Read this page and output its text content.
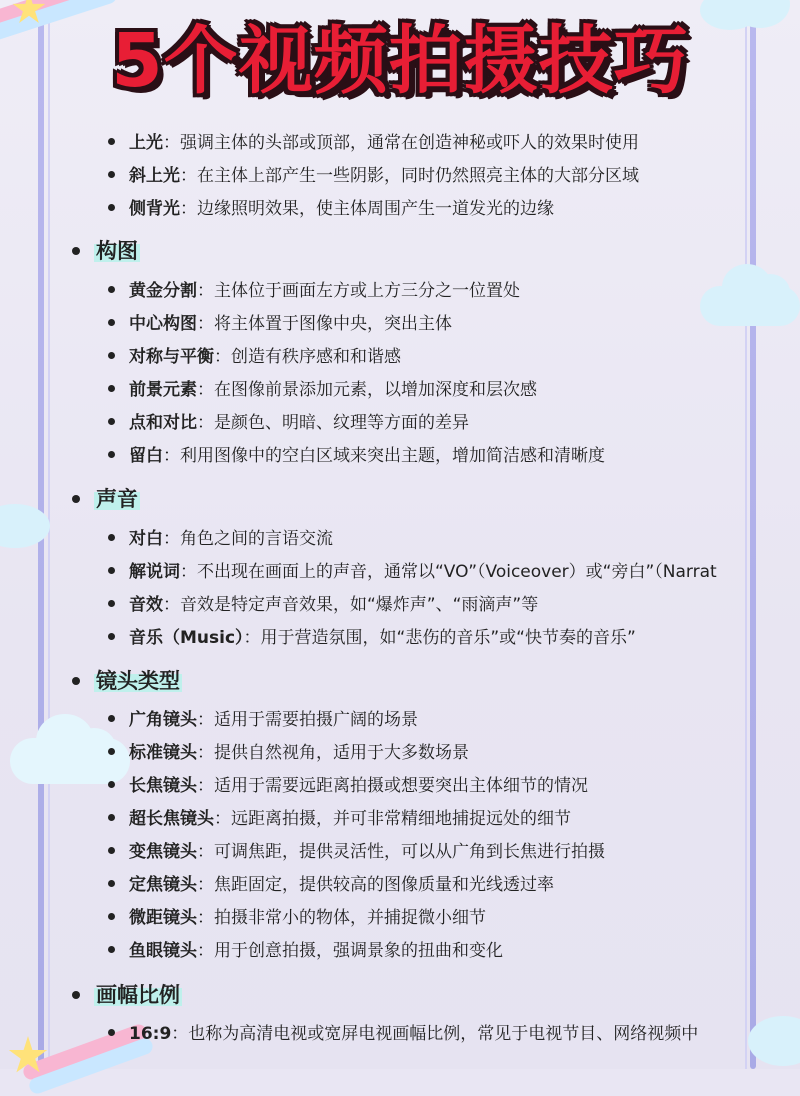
5个视频拍摄技巧
上光：强调主体的头部或顶部，通常在创造神秘或吓人的效果时使用
斜上光：在主体上部产生一些阴影，同时仍然照亮主体的大部分区域
侧背光：边缘照明效果，使主体周围产生一道发光的边缘
构图
黄金分割：主体位于画面左方或上方三分之一位置处
中心构图：将主体置于图像中央，突出主体
对称与平衡：创造有秩序感和和谐感
前景元素：在图像前景添加元素，以增加深度和层次感
点和对比：是颜色、明暗、纹理等方面的差异
留白：利用图像中的空白区域来突出主题，增加简洁感和清晰度
声音
对白：角色之间的言语交流
解说词：不出现在画面上的声音，通常以“VO”（Voiceover）或“旁白”（Narrat
音效：音效是特定声音效果，如“爆炸声”、“雨滴声”等
音乐（Music）：用于营造氛围，如“悲伤的音乐”或“快节奏的音乐”
镜头类型
广角镜头：适用于需要拍摄广阔的场景
标准镜头：提供自然视角，适用于大多数场景
长焦镜头：适用于需要远距离拍摄或想要突出主体细节的情况
超长焦镜头：远距离拍摄，并可非常精细地捕捉远处的细节
变焦镜头：可调焦距，提供灵活性，可以从广角到长焦进行拍摄
定焦镜头：焦距固定，提供较高的图像质量和光线透过率
微距镜头：拍摄非常小的物体，并捕捉微小细节
鱼眼镜头：用于创意拍摄，强调景象的扭曲和变化
画幅比例
16:9：也称为高清电视或宽屏电视画幅比例，常见于电视节目、网络视频中
